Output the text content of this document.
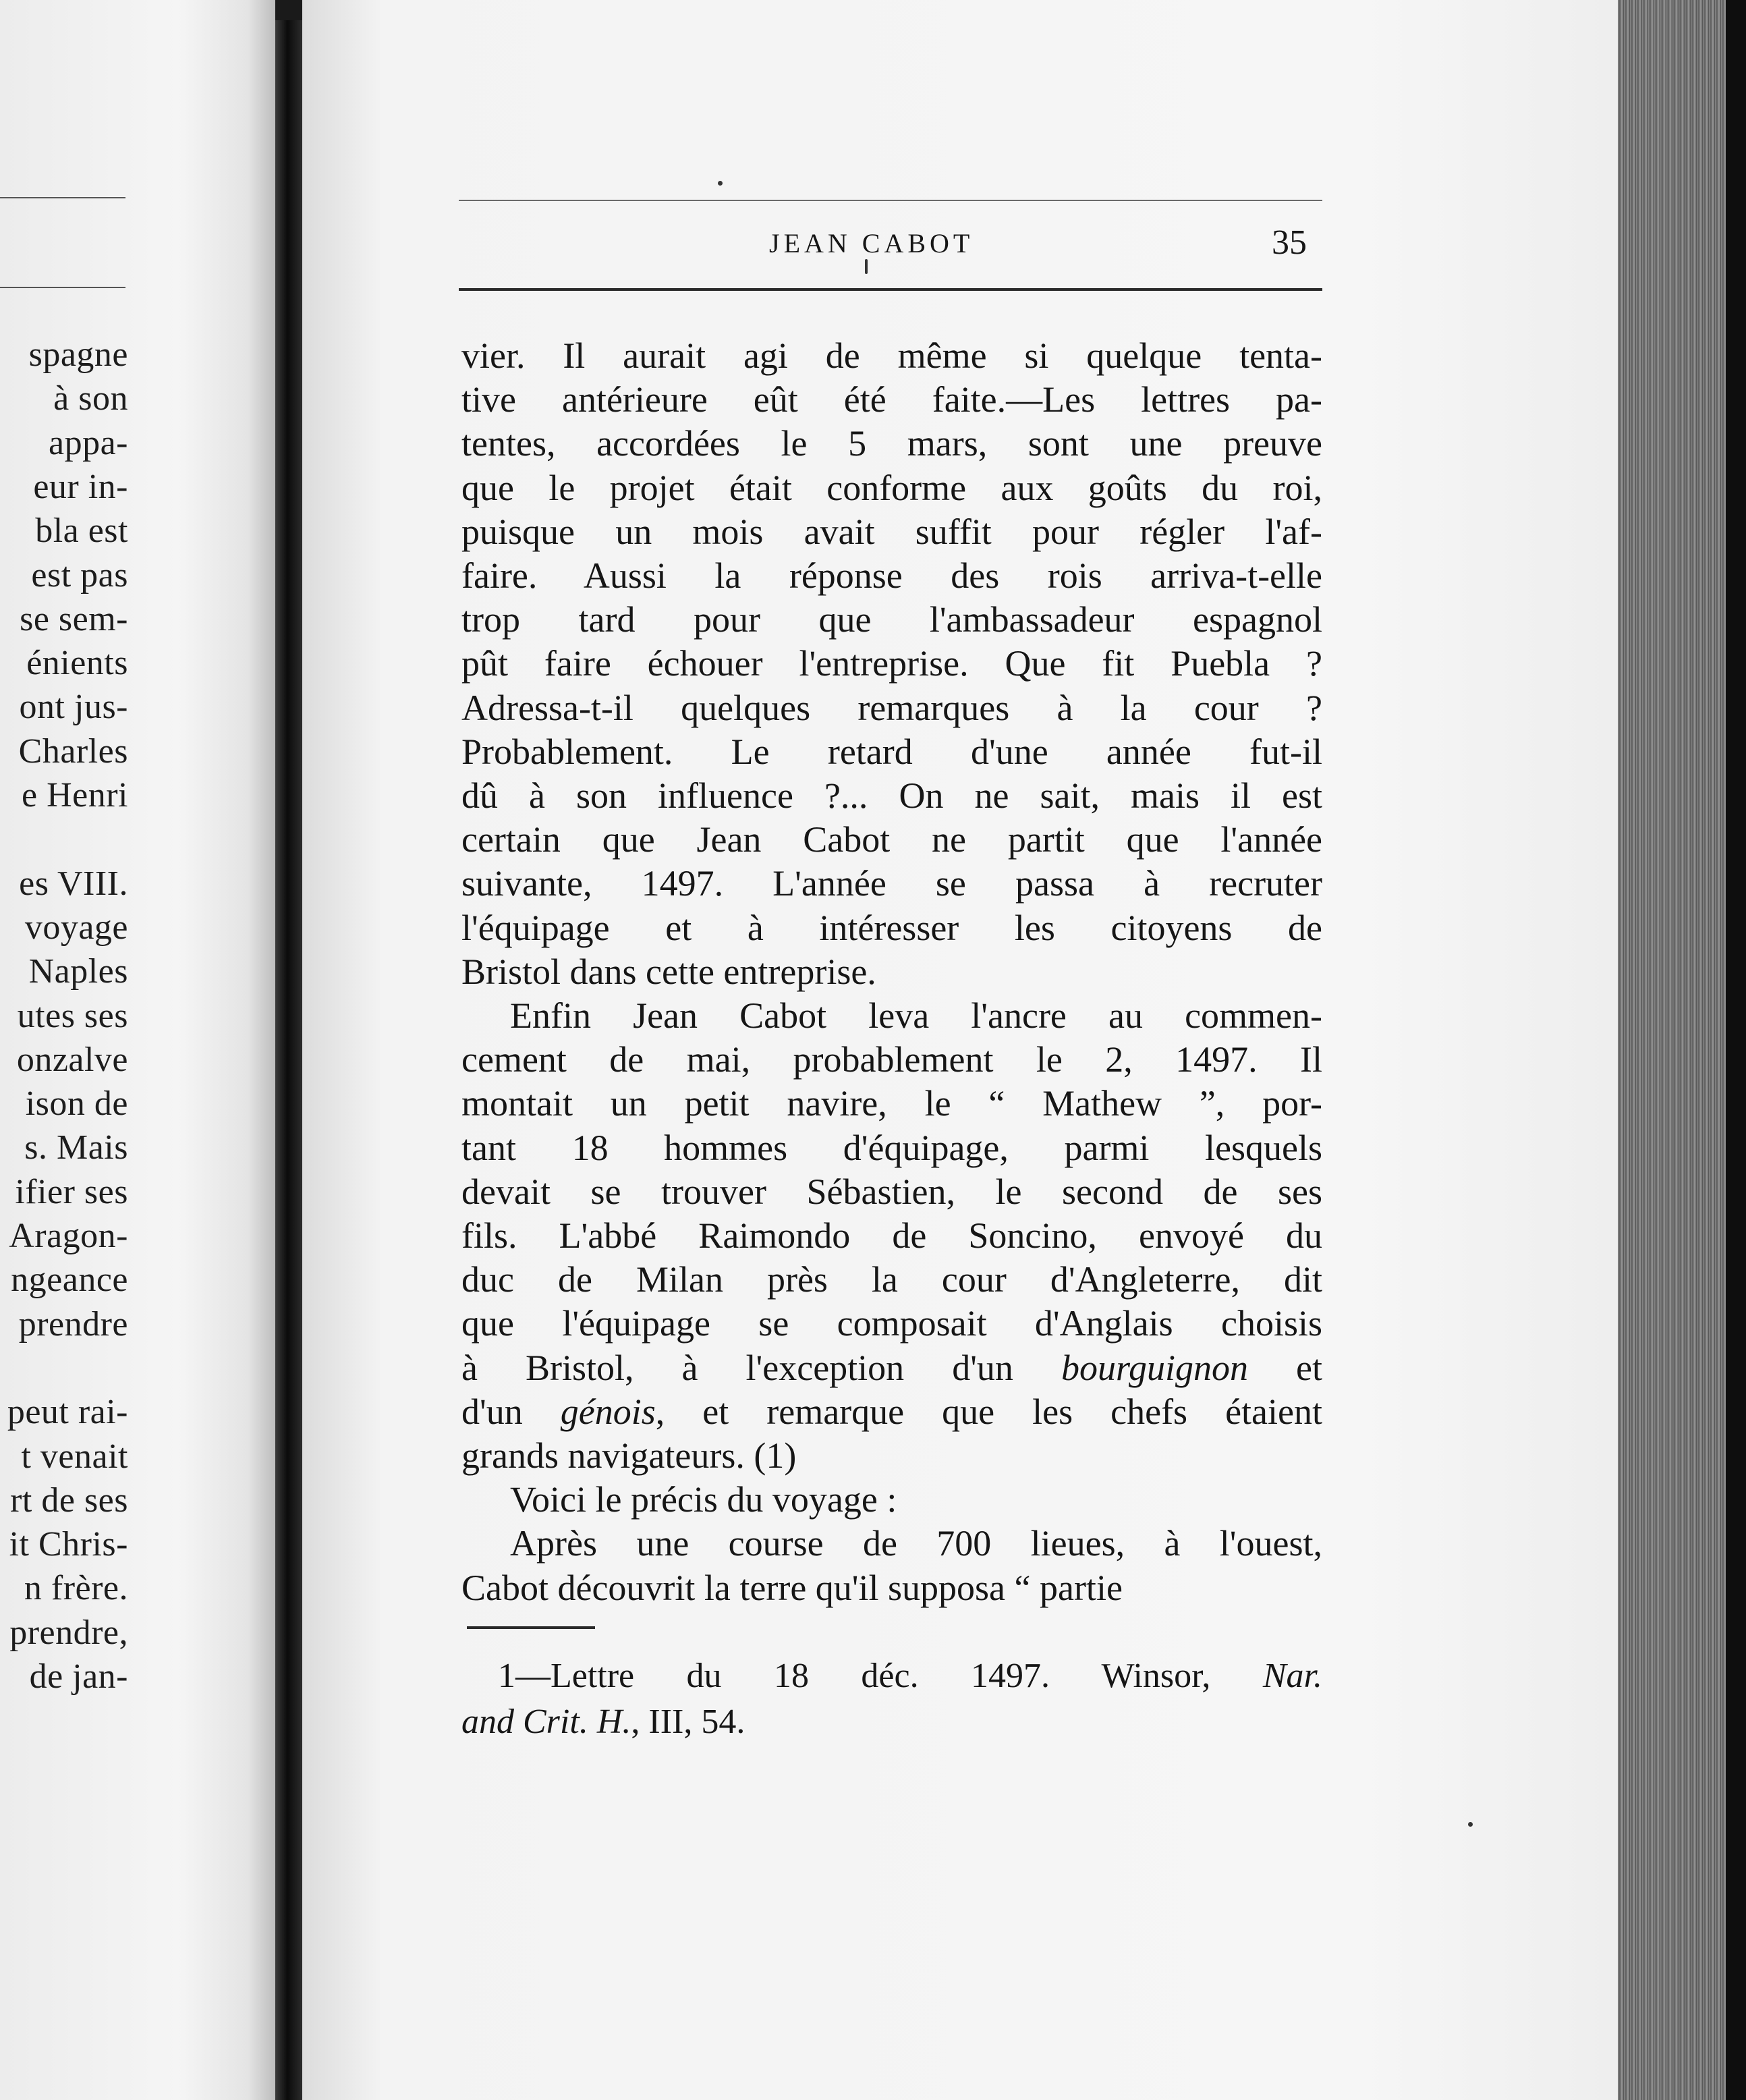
spagne
à son
appa-
eur in-
bla est
est pas
se sem-
énients
ont jus-
Charles
e Henri
es VIII.
voyage
Naples
utes ses
onzalve
ison de
s. Mais
ifier ses
Aragon-
ngeance
prendre
peut rai-
t venait
rt de ses
it Chris-
n frère.
prendre,
de jan-
JEAN CABOT	35
vier. Il aurait agi de même si quelque tenta-
tive antérieure eût été faite.—Les lettres pa-
tentes, accordées le 5 mars, sont une preuve
que le projet était conforme aux goûts du roi,
puisque un mois avait suffit pour régler l'af-
faire. Aussi la réponse des rois arriva-t-elle
trop tard pour que l'ambassadeur espagnol
pût faire échouer l'entreprise. Que fit Puebla ?
Adressa-t-il quelques remarques à la cour ?
Probablement. Le retard d'une année fut-il
dû à son influence ?... On ne sait, mais il est
certain que Jean Cabot ne partit que l'année
suivante, 1497. L'année se passa à recruter
l'équipage et à intéresser les citoyens de
Bristol dans cette entreprise.
Enfin Jean Cabot leva l'ancre au commen-
cement de mai, probablement le 2, 1497. Il
montait un petit navire, le “ Mathew ”, por-
tant 18 hommes d'équipage, parmi lesquels
devait se trouver Sébastien, le second de ses
fils. L'abbé Raimondo de Soncino, envoyé du
duc de Milan près la cour d'Angleterre, dit
que l'équipage se composait d'Anglais choisis
à Bristol, à l'exception d'un bourguignon et
d'un génois, et remarque que les chefs étaient
grands navigateurs. (1)
Voici le précis du voyage :
Après une course de 700 lieues, à l'ouest,
Cabot découvrit la terre qu'il supposa “ partie
1—Lettre du 18 déc. 1497. Winsor, Nar.
and Crit. H., III, 54.
